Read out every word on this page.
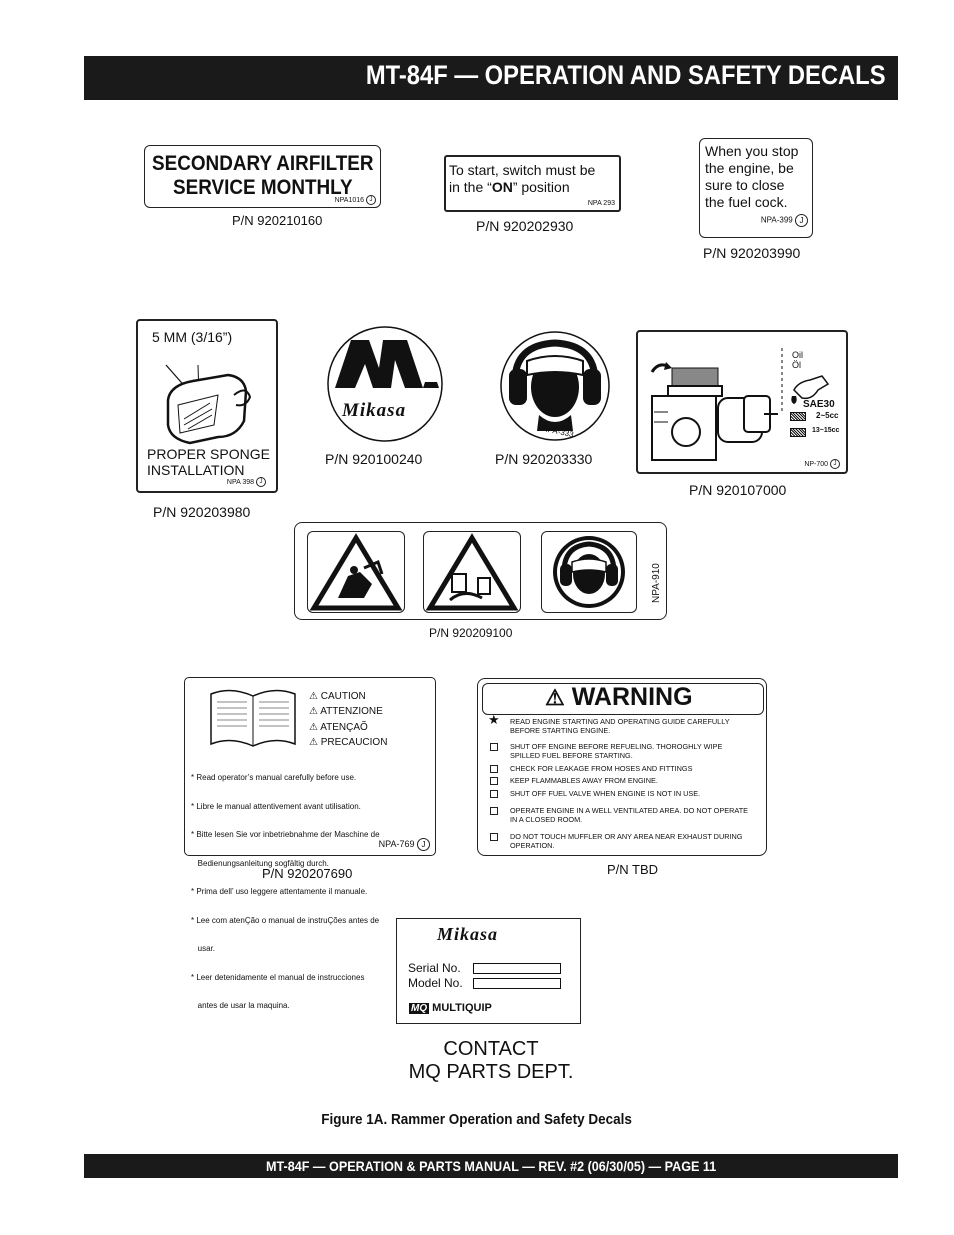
MT-84F — OPERATION AND SAFETY DECALS
SECONDARY AIRFILTER
SERVICE MONTHLY
NPA1016 J
P/N 920210160
To start, switch must be
in the “ON” position
NPA 293
P/N 920202930
When you stop
the engine, be
sure to close
the fuel cock.
NPA-399 J
P/N 920203990
5 MM (3/16”)
PROPER SPONGE
INSTALLATION
NPA 398 J
P/N 920203980
Mikasa
P/N 920100240
NPA-333
P/N 920203330
Oil
Öl
SAE30
2~5cc
13~15cc
NP-700 J
P/N 920107000
NPA-910
P/N 920209100
⚠ CAUTION
⚠ ATTENZIONE
⚠ ATENÇAÕ
⚠ PRECAUCION

* Read operator’s manual carefully before use.

* Libre le manual attentivement avant utilisation.

* Bitte lesen Sie vor inbetriebnahme der Maschine de

Bedienungsanleitung sogfältig durch.

* Prima dell’ uso leggere attentamente il manuale.

* Lee com atenÇão o manual de instruÇões antes de

usar.

* Leer detenidamente el manual de instrucciones

antes de usar la maquina.

NPA-769 J
P/N 920207690
⚠ WARNING
★ READ ENGINE STARTING AND OPERATING GUIDE CAREFULLY
BEFORE STARTING ENGINE.
SHUT OFF ENGINE BEFORE REFUELING. THOROGHLY WIPE
SPILLED FUEL BEFORE STARTING.
CHECK FOR LEAKAGE FROM HOSES AND FITTINGS
KEEP FLAMMABLES AWAY FROM ENGINE.
SHUT OFF FUEL VALVE WHEN ENGINE IS NOT IN USE.
OPERATE ENGINE IN A WELL VENTILATED AREA. DO NOT OPERATE
IN A CLOSED ROOM.
DO NOT TOUCH MUFFLER OR ANY AREA NEAR EXHAUST DURING
OPERATION.
P/N TBD
Mikasa
Serial No.
Model No.
MQ MULTIQUIP
CONTACT
MQ PARTS DEPT.
Figure 1A. Rammer Operation and Safety Decals
MT-84F — OPERATION & PARTS MANUAL — REV. #2 (06/30/05) — PAGE 11
